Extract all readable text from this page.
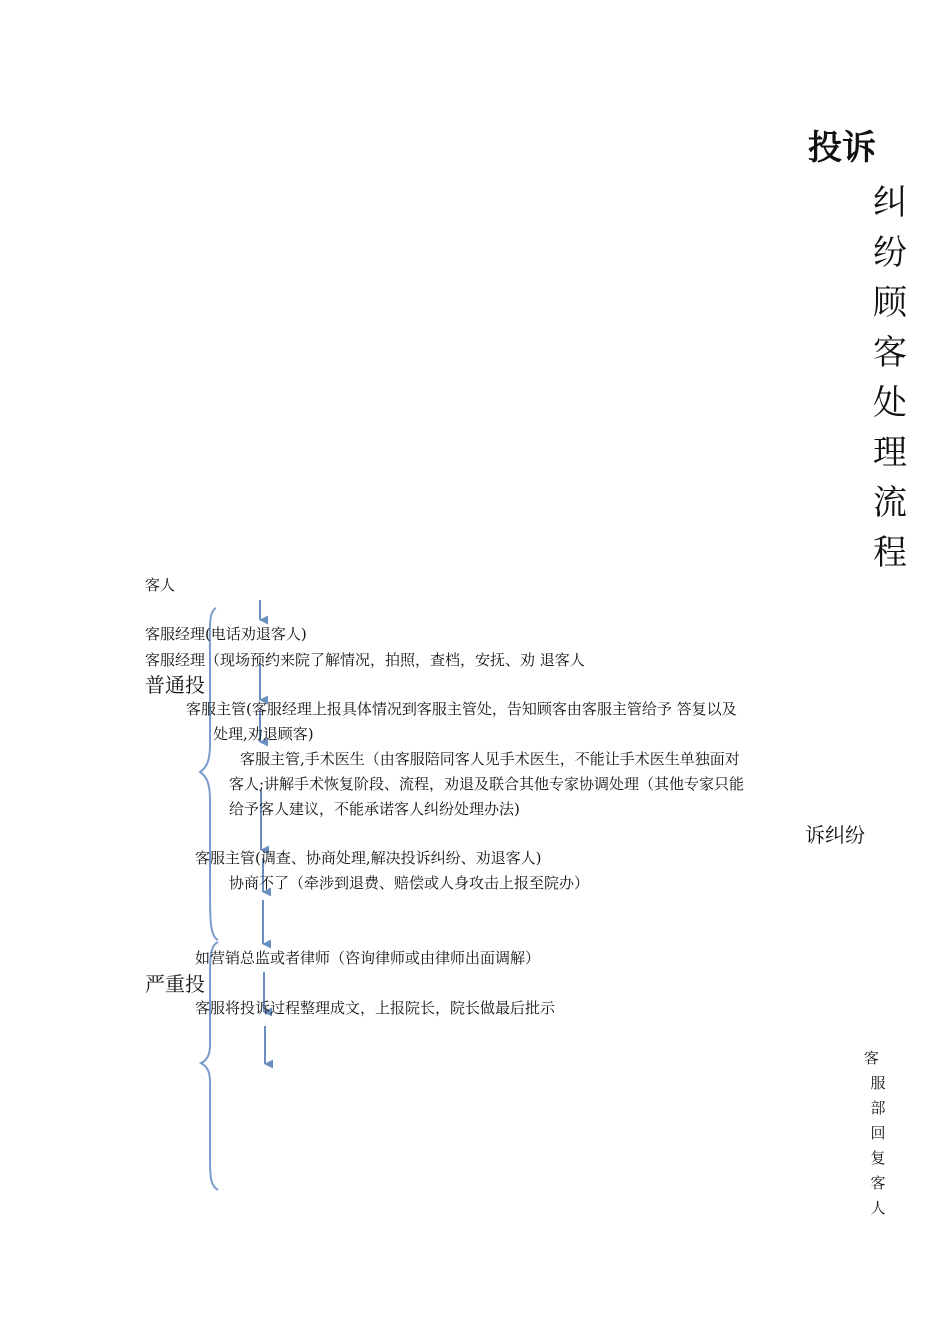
投诉
纠
纷
顾
客
处
理
流
程
诉纠纷
普通投
严重投
客人
客服经理(电话劝退客人)
客服经理（现场预约来院了解情况，拍照，查档，安抚、劝 退客人
客服主管(客服经理上报具体情况到客服主管处，告知顾客由客服主管给予 答复以及
处理,劝退顾客)
客服主管,手术医生（由客服陪同客人见手术医生，不能让手术医生单独面对
客人;讲解手术恢复阶段、流程，劝退及联合其他专家协调处理（其他专家只能
给予客人建议，不能承诺客人纠纷处理办法)
客服主管(调查、协商处理,解决投诉纠纷、劝退客人)
协商不了（牵涉到退费、赔偿或人身攻击上报至院办）
如营销总监或者律师（咨询律师或由律师出面调解）
客服将投诉过程整理成文，上报院长，院长做最后批示
客
服
部
回
复
客
人
